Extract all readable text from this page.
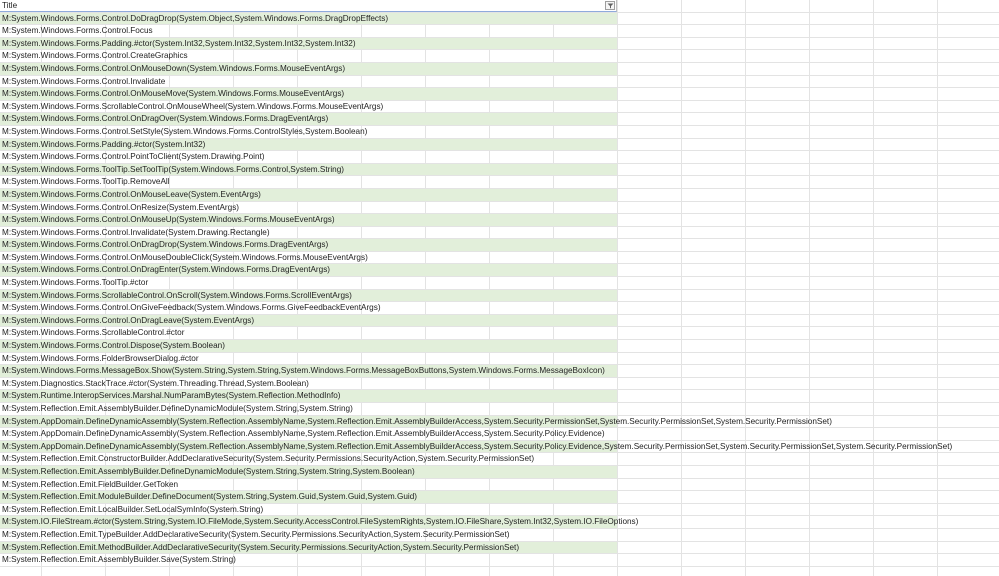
Title
M:System.Windows.Forms.Control.DoDragDrop(System.Object,System.Windows.Forms.DragDropEffects)
M:System.Windows.Forms.Control.Focus
M:System.Windows.Forms.Padding.#ctor(System.Int32,System.Int32,System.Int32,System.Int32)
M:System.Windows.Forms.Control.CreateGraphics
M:System.Windows.Forms.Control.OnMouseDown(System.Windows.Forms.MouseEventArgs)
M:System.Windows.Forms.Control.Invalidate
M:System.Windows.Forms.Control.OnMouseMove(System.Windows.Forms.MouseEventArgs)
M:System.Windows.Forms.ScrollableControl.OnMouseWheel(System.Windows.Forms.MouseEventArgs)
M:System.Windows.Forms.Control.OnDragOver(System.Windows.Forms.DragEventArgs)
M:System.Windows.Forms.Control.SetStyle(System.Windows.Forms.ControlStyles,System.Boolean)
M:System.Windows.Forms.Padding.#ctor(System.Int32)
M:System.Windows.Forms.Control.PointToClient(System.Drawing.Point)
M:System.Windows.Forms.ToolTip.SetToolTip(System.Windows.Forms.Control,System.String)
M:System.Windows.Forms.ToolTip.RemoveAll
M:System.Windows.Forms.Control.OnMouseLeave(System.EventArgs)
M:System.Windows.Forms.Control.OnResize(System.EventArgs)
M:System.Windows.Forms.Control.OnMouseUp(System.Windows.Forms.MouseEventArgs)
M:System.Windows.Forms.Control.Invalidate(System.Drawing.Rectangle)
M:System.Windows.Forms.Control.OnDragDrop(System.Windows.Forms.DragEventArgs)
M:System.Windows.Forms.Control.OnMouseDoubleClick(System.Windows.Forms.MouseEventArgs)
M:System.Windows.Forms.Control.OnDragEnter(System.Windows.Forms.DragEventArgs)
M:System.Windows.Forms.ToolTip.#ctor
M:System.Windows.Forms.ScrollableControl.OnScroll(System.Windows.Forms.ScrollEventArgs)
M:System.Windows.Forms.Control.OnGiveFeedback(System.Windows.Forms.GiveFeedbackEventArgs)
M:System.Windows.Forms.Control.OnDragLeave(System.EventArgs)
M:System.Windows.Forms.ScrollableControl.#ctor
M:System.Windows.Forms.Control.Dispose(System.Boolean)
M:System.Windows.Forms.FolderBrowserDialog.#ctor
M:System.Windows.Forms.MessageBox.Show(System.String,System.String,System.Windows.Forms.MessageBoxButtons,System.Windows.Forms.MessageBoxIcon)
M:System.Diagnostics.StackTrace.#ctor(System.Threading.Thread,System.Boolean)
M:System.Runtime.InteropServices.Marshal.NumParamBytes(System.Reflection.MethodInfo)
M:System.Reflection.Emit.AssemblyBuilder.DefineDynamicModule(System.String,System.String)
M:System.AppDomain.DefineDynamicAssembly(System.Reflection.AssemblyName,System.Reflection.Emit.AssemblyBuilderAccess,System.Security.PermissionSet,System.Security.PermissionSet,System.Security.PermissionSet)
M:System.AppDomain.DefineDynamicAssembly(System.Reflection.AssemblyName,System.Reflection.Emit.AssemblyBuilderAccess,System.Security.Policy.Evidence)
M:System.AppDomain.DefineDynamicAssembly(System.Reflection.AssemblyName,System.Reflection.Emit.AssemblyBuilderAccess,System.Security.Policy.Evidence,System.Security.PermissionSet,System.Security.PermissionSet,System.Security.PermissionSet)
M:System.Reflection.Emit.ConstructorBuilder.AddDeclarativeSecurity(System.Security.Permissions.SecurityAction,System.Security.PermissionSet)
M:System.Reflection.Emit.AssemblyBuilder.DefineDynamicModule(System.String,System.String,System.Boolean)
M:System.Reflection.Emit.FieldBuilder.GetToken
M:System.Reflection.Emit.ModuleBuilder.DefineDocument(System.String,System.Guid,System.Guid,System.Guid)
M:System.Reflection.Emit.LocalBuilder.SetLocalSymInfo(System.String)
M:System.IO.FileStream.#ctor(System.String,System.IO.FileMode,System.Security.AccessControl.FileSystemRights,System.IO.FileShare,System.Int32,System.IO.FileOptions)
M:System.Reflection.Emit.TypeBuilder.AddDeclarativeSecurity(System.Security.Permissions.SecurityAction,System.Security.PermissionSet)
M:System.Reflection.Emit.MethodBuilder.AddDeclarativeSecurity(System.Security.Permissions.SecurityAction,System.Security.PermissionSet)
M:System.Reflection.Emit.AssemblyBuilder.Save(System.String)
